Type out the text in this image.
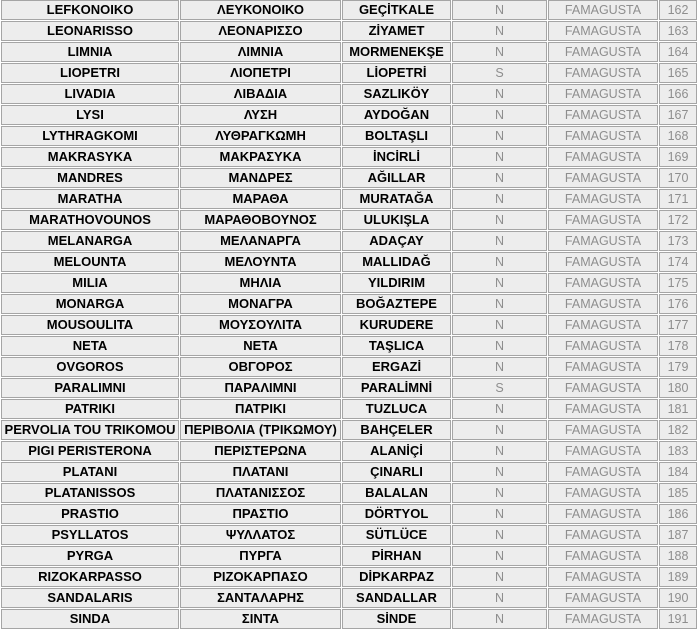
LEFKONOIKO	ΛΕΥΚΟΝΟΙΚΟ	GEÇİTKALE	N	FAMAGUSTA	162
LEONARISSO	ΛΕΟΝΑΡΙΣΣΟ	ZİYAMET	N	FAMAGUSTA	163
LIMNIA	ΛΙΜΝΙΑ	MORMENEKŞE	N	FAMAGUSTA	164
LIOPETRI	ΛΙΟΠΕΤΡΙ	LİOPETRİ	S	FAMAGUSTA	165
LIVADIA	ΛΙΒΑΔΙΑ	SAZLIKÖY	N	FAMAGUSTA	166
LYSI	ΛΥΣΗ	AYDOĞAN	N	FAMAGUSTA	167
LYTHRAGKOMI	ΛΥΘΡΑΓΚΩΜΗ	BOLTAŞLI	N	FAMAGUSTA	168
MAKRASYKA	ΜΑΚΡΑΣΥΚΑ	İNCİRLİ	N	FAMAGUSTA	169
MANDRES	ΜΑΝΔΡΕΣ	AĞILLAR	N	FAMAGUSTA	170
MARATHA	ΜΑΡΑΘΑ	MURATAĞA	N	FAMAGUSTA	171
MARATHOVOUNOS	ΜΑΡΑΘΟΒΟΥΝΟΣ	ULUKIŞLA	N	FAMAGUSTA	172
MELANARGA	ΜΕΛΑΝΑΡΓΑ	ADAÇAY	N	FAMAGUSTA	173
MELOUNTA	ΜΕΛΟΥΝΤΑ	MALLIDAĞ	N	FAMAGUSTA	174
MILIA	ΜΗΛΙΑ	YILDIRIM	N	FAMAGUSTA	175
MONARGA	ΜΟΝΑΓΡΑ	BOĞAZTEPE	N	FAMAGUSTA	176
MOUSOULITA	ΜΟΥΣΟΥΛΙΤΑ	KURUDERE	N	FAMAGUSTA	177
NETA	ΝΕΤΑ	TAŞLICA	N	FAMAGUSTA	178
OVGOROS	ΟΒΓΟΡΟΣ	ERGAZİ	N	FAMAGUSTA	179
PARALIMNI	ΠΑΡΑΛΙΜΝΙ	PARALİMNİ	S	FAMAGUSTA	180
PATRIKI	ΠΑΤΡΙΚΙ	TUZLUCA	N	FAMAGUSTA	181
PERVOLIA TOU TRIKOMOU	ΠΕΡΙΒΟΛΙΑ (ΤΡΙΚΩΜΟΥ)	BAHÇELER	N	FAMAGUSTA	182
PIGI PERISTERONA	ΠΕΡΙΣΤΕΡΩΝΑ	ALANİÇİ	N	FAMAGUSTA	183
PLATANI	ΠΛΑΤΑΝΙ	ÇINARLI	N	FAMAGUSTA	184
PLATANISSOS	ΠΛΑΤΑΝΙΣΣΟΣ	BALALAN	N	FAMAGUSTA	185
PRASTIO	ΠΡΑΣΤΙΟ	DÖRTYOL	N	FAMAGUSTA	186
PSYLLATOS	ΨΥΛΛΑΤΟΣ	SÜTLÜCE	N	FAMAGUSTA	187
PYRGA	ΠΥΡΓΑ	PİRHAN	N	FAMAGUSTA	188
RIZOKARPASSO	ΡΙΖΟΚΑΡΠΑΣΟ	DİPKARPAZ	N	FAMAGUSTA	189
SANDALARIS	ΣΑΝΤΑΛΑΡΗΣ	SANDALLAR	N	FAMAGUSTA	190
SINDA	ΣΙΝΤΑ	SİNDE	N	FAMAGUSTA	191
